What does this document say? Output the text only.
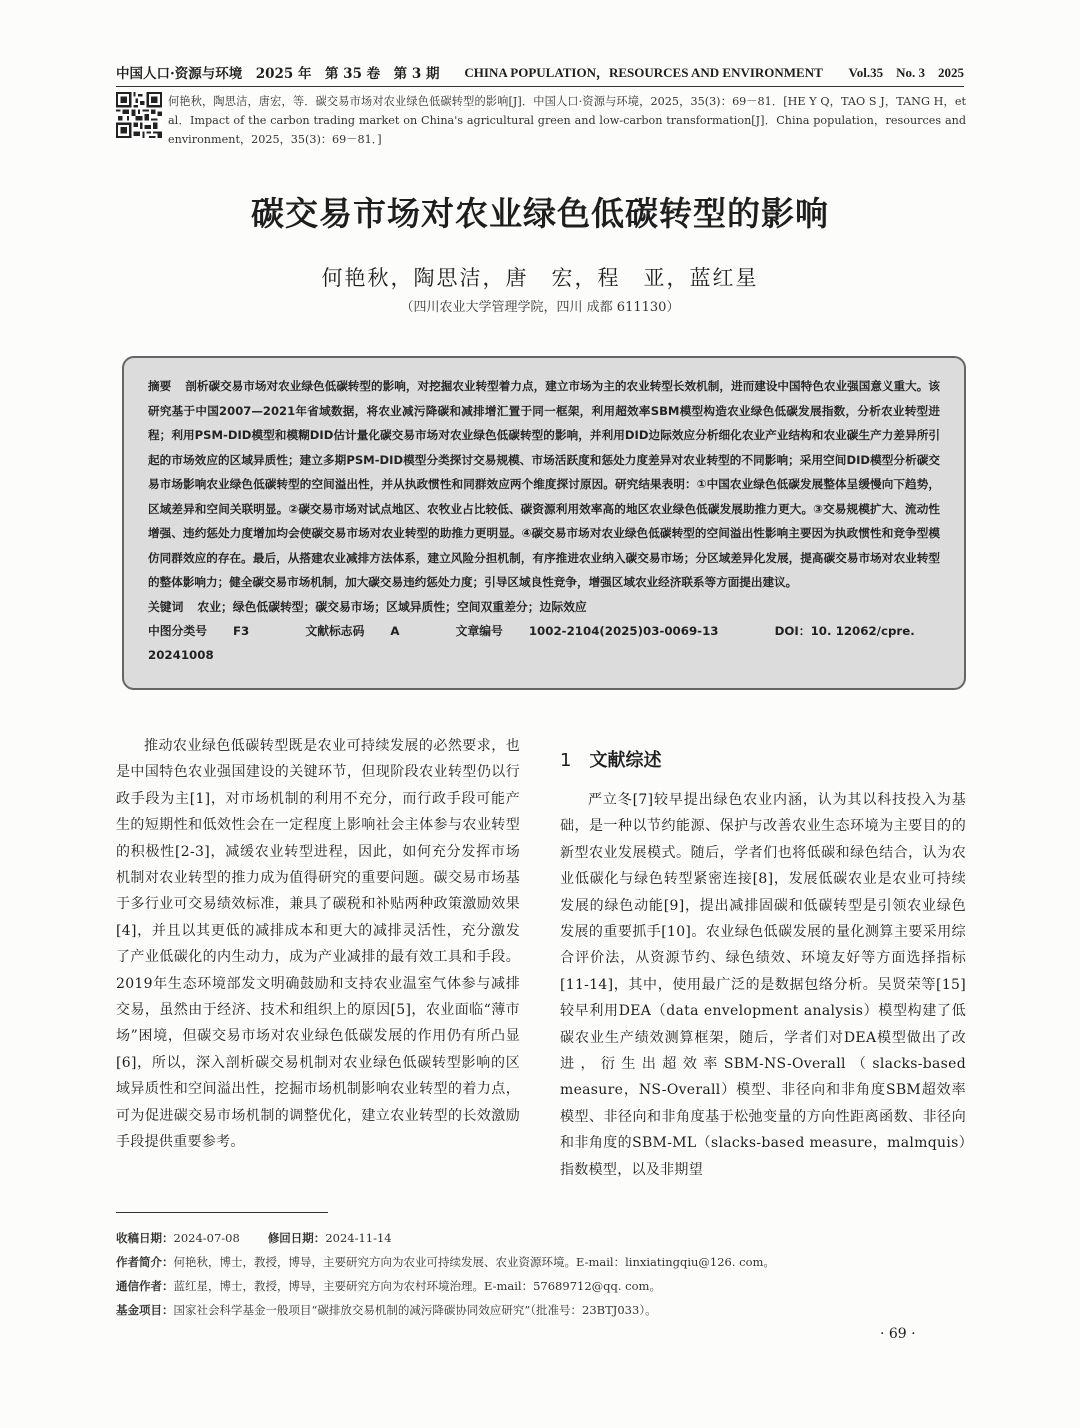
中国人口·资源与环境　2025 年　第 35 卷　第 3 期 CHINA POPULATION，RESOURCES AND ENVIRONMENT　　Vol.35　No. 3　2025
何艳秋，陶思洁，唐宏，等．碳交易市场对农业绿色低碳转型的影响[J]．中国人口·资源与环境，2025，35(3)：69－81．[HE Y Q，TAO S J，TANG H，et al．Impact of the carbon trading market on China's agricultural green and low-carbon transformation[J]．China population，resources and environment，2025，35(3)：69－81．]
碳交易市场对农业绿色低碳转型的影响
何艳秋，陶思洁，唐　宏，程　亚，蓝红星
（四川农业大学管理学院，四川 成都 611130）
摘要 剖析碳交易市场对农业绿色低碳转型的影响，对挖掘农业转型着力点，建立市场为主的农业转型长效机制，进而建设中国特色农业强国意义重大。该研究基于中国2007—2021年省域数据，将农业减污降碳和减排增汇置于同一框架，利用超效率SBM模型构造农业绿色低碳发展指数，分析农业转型进程；利用PSM-DID模型和模糊DID估计量化碳交易市场对农业绿色低碳转型的影响，并利用DID边际效应分析细化农业产业结构和农业碳生产力差异所引起的市场效应的区域异质性；建立多期PSM-DID模型分类探讨交易规模、市场活跃度和惩处力度差异对农业转型的不同影响；采用空间DID模型分析碳交易市场影响农业绿色低碳转型的空间溢出性，并从执政惯性和同群效应两个维度探讨原因。研究结果表明：①中国农业绿色低碳发展整体呈缓慢向下趋势，区域差异和空间关联明显。②碳交易市场对试点地区、农牧业占比较低、碳资源利用效率高的地区农业绿色低碳发展助推力更大。③交易规模扩大、流动性增强、违约惩处力度增加均会使碳交易市场对农业转型的助推力更明显。④碳交易市场对农业绿色低碳转型的空间溢出性影响主要因为执政惯性和竞争型模仿同群效应的存在。最后，从搭建农业减排方法体系，建立风险分担机制，有序推进农业纳入碳交易市场；分区域差异化发展，提高碳交易市场对农业转型的整体影响力；健全碳交易市场机制，加大碳交易违约惩处力度；引导区域良性竞争，增强区域农业经济联系等方面提出建议。
关键词 农业；绿色低碳转型；碳交易市场；区域异质性；空间双重差分；边际效应
中图分类号 F3	文献标志码 A	文章编号 1002-2104(2025)03-0069-13	DOI：10. 12062/cpre. 20241008

推动农业绿色低碳转型既是农业可持续发展的必然要求，也是中国特色农业强国建设的关键环节，但现阶段农业转型仍以行政手段为主[1]，对市场机制的利用不充分，而行政手段可能产生的短期性和低效性会在一定程度上影响社会主体参与农业转型的积极性[2-3]，减缓农业转型进程，因此，如何充分发挥市场机制对农业转型的推力成为值得研究的重要问题。碳交易市场基于多行业可交易绩效标准，兼具了碳税和补贴两种政策激励效果[4]，并且以其更低的减排成本和更大的减排灵活性，充分激发了产业低碳化的内生动力，成为产业减排的最有效工具和手段。2019年生态环境部发文明确鼓励和支持农业温室气体参与减排交易，虽然由于经济、技术和组织上的原因[5]，农业面临“薄市场”困境，但碳交易市场对农业绿色低碳发展的作用仍有所凸显[6]，所以，深入剖析碳交易机制对农业绿色低碳转型影响的区域异质性和空间溢出性，挖掘市场机制影响农业转型的着力点，可为促进碳交易市场机制的调整优化，建立农业转型的长效激励手段提供重要参考。

1 文献综述

严立冬[7]较早提出绿色农业内涵，认为其以科技投入为基础，是一种以节约能源、保护与改善农业生态环境为主要目的的新型农业发展模式。随后，学者们也将低碳和绿色结合，认为农业低碳化与绿色转型紧密连接[8]，发展低碳农业是农业可持续发展的绿色动能[9]，提出减排固碳和低碳转型是引领农业绿色发展的重要抓手[10]。农业绿色低碳发展的量化测算主要采用综合评价法，从资源节约、绿色绩效、环境友好等方面选择指标[11-14]，其中，使用最广泛的是数据包络分析。吴贤荣等[15]较早利用DEA（data envelopment analysis）模型构建了低碳农业生产绩效测算框架，随后，学者们对DEA模型做出了改进，衍生出超效率SBM-NS-Overall（slacks-based measure，NS-Overall）模型、非径向和非角度SBM超效率模型、非径向和非角度基于松弛变量的方向性距离函数、非径向和非角度的SBM-ML（slacks-based measure，malmquis）指数模型，以及非期望

收稿日期：2024-07-08 修回日期：2024-11-14
作者简介：何艳秋，博士，教授，博导，主要研究方向为农业可持续发展、农业资源环境。E-mail：linxiatingqiu@126. com。
通信作者：蓝红星，博士，教授，博导，主要研究方向为农村环境治理。E-mail：57689712@qq. com。
基金项目：国家社会科学基金一般项目“碳排放交易机制的减污降碳协同效应研究”（批准号：23BTJ033）。
· 69 ·
